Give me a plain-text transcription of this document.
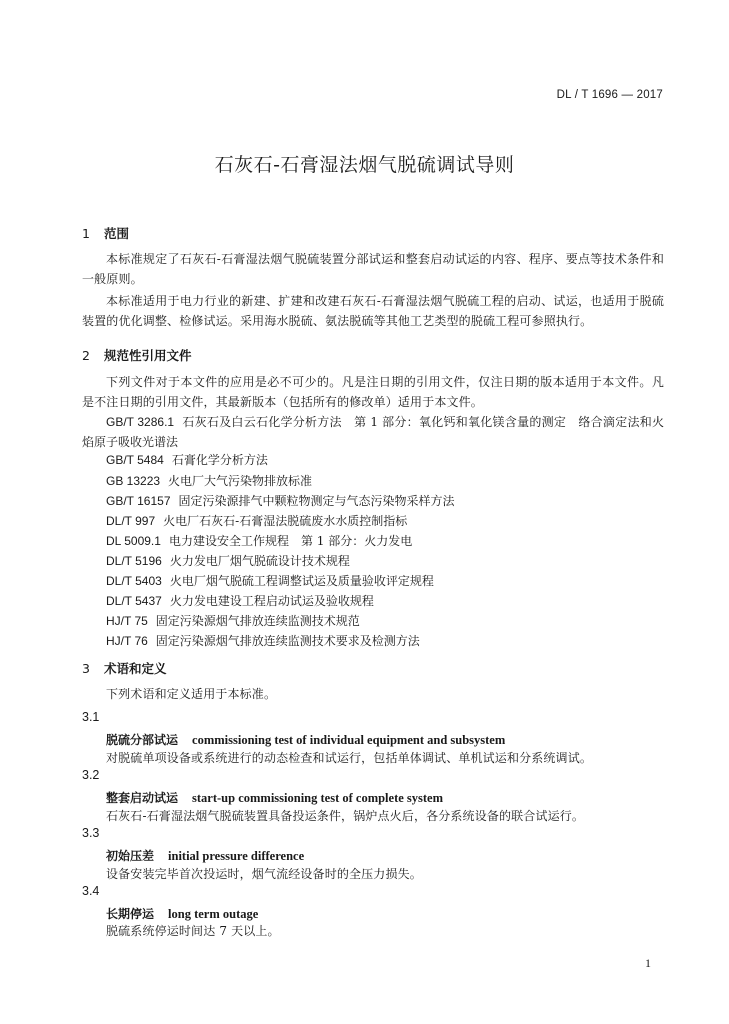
DL / T 1696 — 2017
石灰石-石膏湿法烟气脱硫调试导则
1 范围
本标准规定了石灰石-石膏湿法烟气脱硫装置分部试运和整套启动试运的内容、程序、要点等技术条件和一般原则。
本标准适用于电力行业的新建、扩建和改建石灰石-石膏湿法烟气脱硫工程的启动、试运，也适用于脱硫装置的优化调整、检修试运。采用海水脱硫、氨法脱硫等其他工艺类型的脱硫工程可参照执行。
2 规范性引用文件
下列文件对于本文件的应用是必不可少的。凡是注日期的引用文件，仅注日期的版本适用于本文件。凡是不注日期的引用文件，其最新版本（包括所有的修改单）适用于本文件。
GB/T 3286.1 石灰石及白云石化学分析方法　第 1 部分：氧化钙和氧化镁含量的测定　络合滴定法和火焰原子吸收光谱法
GB/T 5484 石膏化学分析方法
GB 13223 火电厂大气污染物排放标准
GB/T 16157 固定污染源排气中颗粒物测定与气态污染物采样方法
DL/T 997 火电厂石灰石-石膏湿法脱硫废水水质控制指标
DL 5009.1 电力建设安全工作规程　第 1 部分：火力发电
DL/T 5196 火力发电厂烟气脱硫设计技术规程
DL/T 5403 火电厂烟气脱硫工程调整试运及质量验收评定规程
DL/T 5437 火力发电建设工程启动试运及验收规程
HJ/T 75 固定污染源烟气排放连续监测技术规范
HJ/T 76 固定污染源烟气排放连续监测技术要求及检测方法
3 术语和定义
下列术语和定义适用于本标准。
3.1
脱硫分部试运 commissioning test of individual equipment and subsystem
对脱硫单项设备或系统进行的动态检查和试运行，包括单体调试、单机试运和分系统调试。
3.2
整套启动试运 start-up commissioning test of complete system
石灰石-石膏湿法烟气脱硫装置具备投运条件，锅炉点火后，各分系统设备的联合试运行。
3.3
初始压差 initial pressure difference
设备安装完毕首次投运时，烟气流经设备时的全压力损失。
3.4
长期停运 long term outage
脱硫系统停运时间达 7 天以上。
1
